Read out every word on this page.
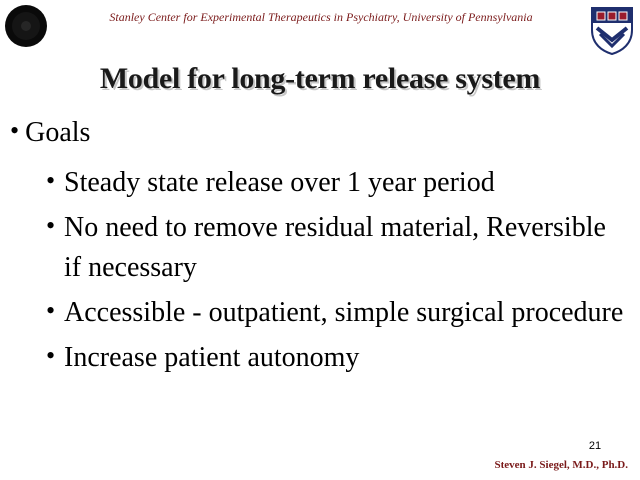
Stanley Center for Experimental Therapeutics in Psychiatry, University of Pennsylvania
Model for long-term release system
• Goals
• Steady state release over 1 year period
• No need to remove residual material, Reversible if necessary
• Accessible - outpatient, simple surgical procedure
• Increase patient autonomy
21
Steven J. Siegel, M.D., Ph.D.
